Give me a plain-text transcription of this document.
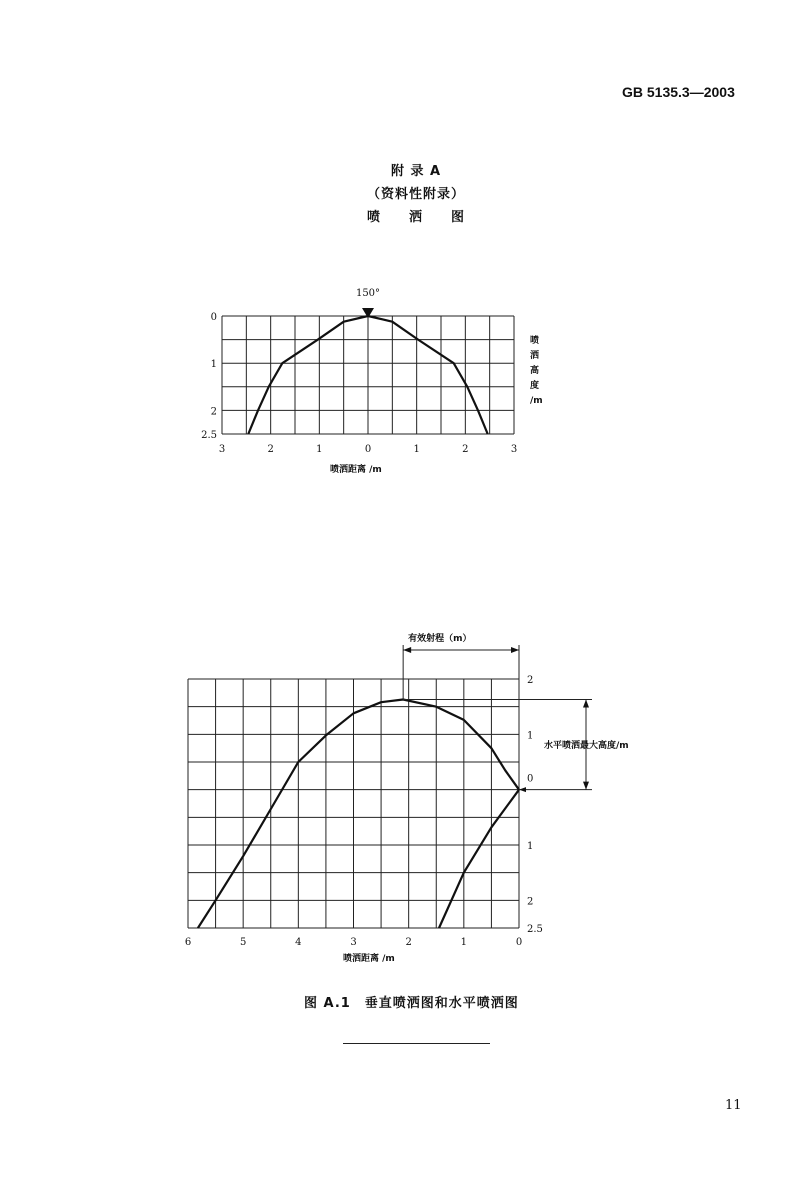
GB 5135.3—2003
附 录 A
（资料性附录）
喷　　洒　　图
3	2	1	0	1	2	3
0
1
2
2.5
喷洒距离 /m
喷
洒
高
度
/m
150°
6	5	4	3	2	1	0
2
1
0
1
2
2.5
喷洒距离 /m
有效射程（m）
水平喷洒最大高度/m
图 A.1　垂直喷洒图和水平喷洒图
11
